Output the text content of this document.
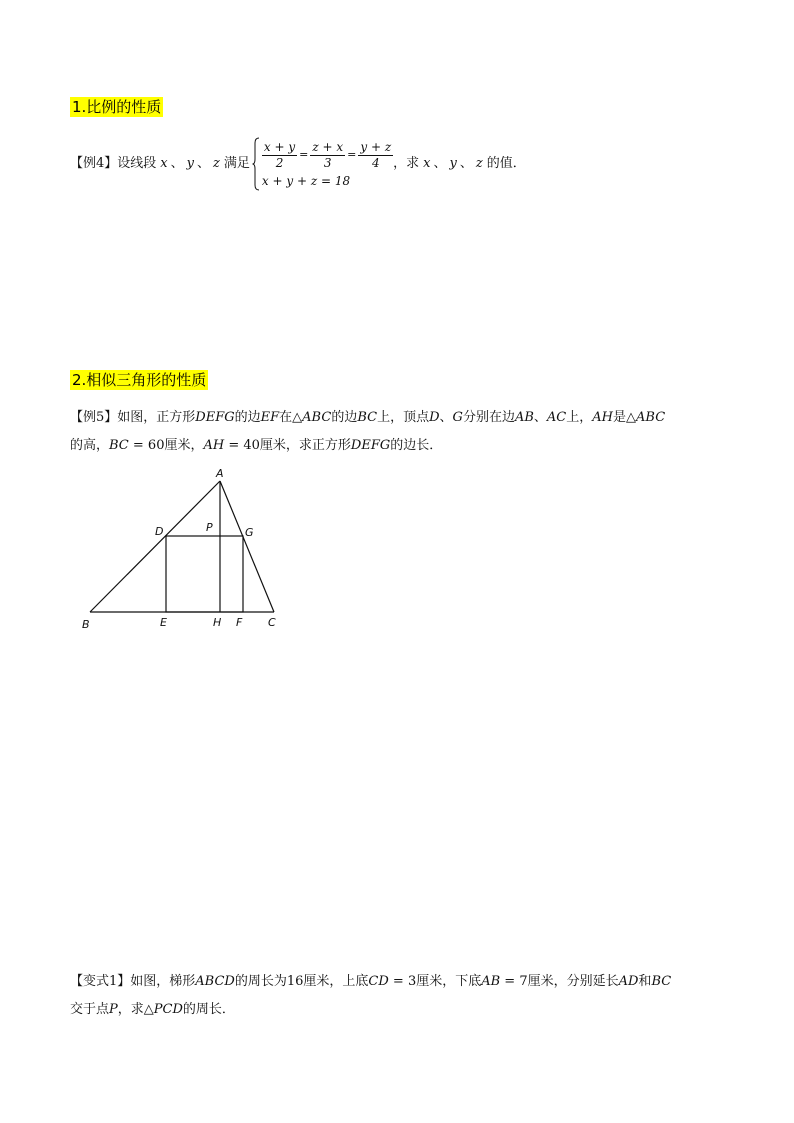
1.比例的性质
【例4】 设线段 x 、 y 、 z 满足 $\frac{x + y}{2} = \frac{z + x}{3} = \frac{y + z}{4}$
x + y + z = 18
，求 x 、 y 、 z 的值．
2.相似三角形的性质
【例5】如图，正方形DEFG的边EF在△ABC的边BC上，顶点D、G分别在边AB、AC上，AH是△ABC
的高，BC = 60厘米，AH = 40厘米，求正方形DEFG的边长．
A
B	C
D
E	F
G
H
P
【变式1】如图，梯形ABCD的周长为16厘米，上底CD = 3厘米，下底AB = 7厘米，分别延长AD和BC
交于点P，求△PCD的周长．
